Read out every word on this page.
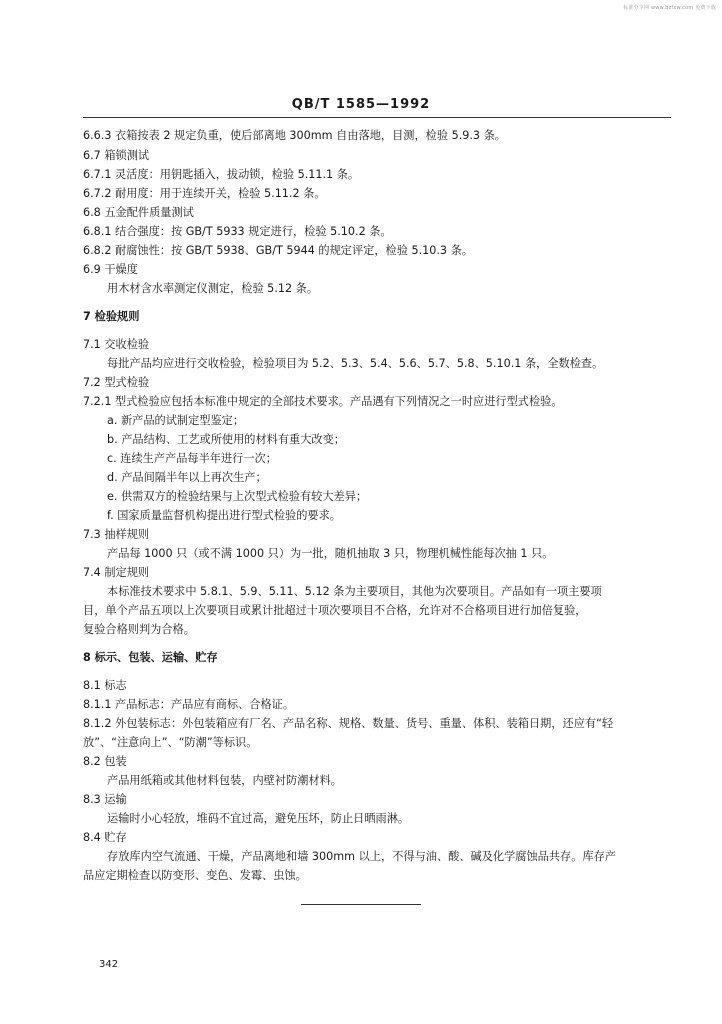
标准分享网 www.bzfxw.com 免费下载
QB/T 1585—1992
6.6.3 衣箱按表 2 规定负重，使后部离地 300mm 自由落地，目测，检验 5.9.3 条。
6.7 箱锁测试
6.7.1 灵活度：用钥匙插入，拔动锁，检验 5.11.1 条。
6.7.2 耐用度：用于连续开关，检验 5.11.2 条。
6.8 五金配件质量测试
6.8.1 结合强度：按 GB/T 5933 规定进行，检验 5.10.2 条。
6.8.2 耐腐蚀性：按 GB/T 5938、GB/T 5944 的规定评定，检验 5.10.3 条。
6.9 干燥度
用木材含水率测定仪测定，检验 5.12 条。
7 检验规则
7.1 交收检验
每批产品均应进行交收检验，检验项目为 5.2、5.3、5.4、5.6、5.7、5.8、5.10.1 条，全数检查。
7.2 型式检验
7.2.1 型式检验应包括本标准中规定的全部技术要求。产品遇有下列情况之一时应进行型式检验。
a. 新产品的试制定型鉴定；
b. 产品结构、工艺或所使用的材料有重大改变；
c. 连续生产产品每半年进行一次；
d. 产品间隔半年以上再次生产；
e. 供需双方的检验结果与上次型式检验有较大差异；
f. 国家质量监督机构提出进行型式检验的要求。
7.3 抽样规则
产品每 1000 只（或不满 1000 只）为一批，随机抽取 3 只，物理机械性能每次抽 1 只。
7.4 制定规则
本标准技术要求中 5.8.1、5.9、5.11、5.12 条为主要项目，其他为次要项目。产品如有一项主要项
目，单个产品五项以上次要项目或累计批超过十项次要项目不合格，允许对不合格项目进行加倍复验，
复验合格则判为合格。
8 标示、包装、运输、贮存
8.1 标志
8.1.1 产品标志：产品应有商标、合格证。
8.1.2 外包装标志：外包装箱应有厂名、产品名称、规格、数量、货号、重量、体积、装箱日期，还应有“轻
放”、“注意向上”、“防潮”等标识。
8.2 包装
产品用纸箱或其他材料包装，内壁衬防潮材料。
8.3 运输
运输时小心轻放，堆码不宜过高，避免压坏，防止日晒雨淋。
8.4 贮存
存放库内空气流通、干燥，产品离地和墙 300mm 以上，不得与油、酸、碱及化学腐蚀品共存。库存产
品应定期检查以防变形、变色、发霉、虫蚀。
342
